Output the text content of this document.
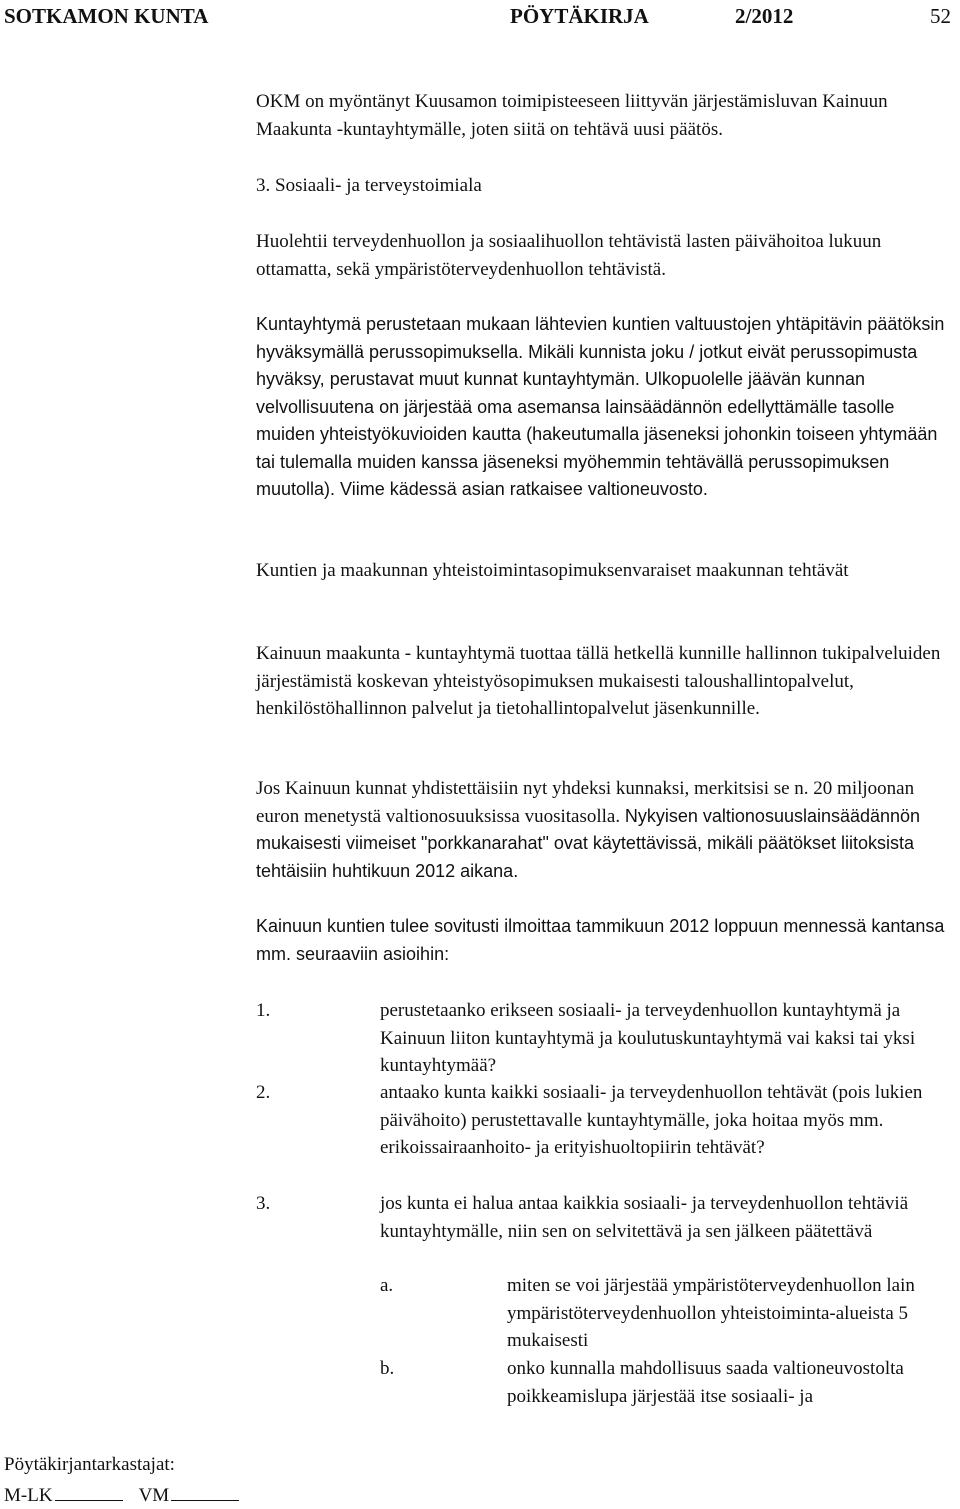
SOTKAMON KUNTA	PÖYTÄKIRJA	2/2012	52

OKM on myöntänyt Kuusamon toimipisteeseen liittyvän järjestämisluvan Kainuun Maakunta -kuntayhtymälle, joten siitä on tehtävä uusi päätös.

3. Sosiaali- ja terveystoimiala

Huolehtii terveydenhuollon ja sosiaalihuollon tehtävistä lasten päivähoitoa lukuun ottamatta, sekä ympäristöterveydenhuollon tehtävistä.

Kuntayhtymä perustetaan mukaan lähtevien kuntien valtuustojen yhtäpitävin päätöksin hyväksymällä perussopimuksella. Mikäli kunnista joku / jotkut eivät perussopimusta hyväksy, perustavat muut kunnat kuntayhtymän. Ulkopuolelle jäävän kunnan velvollisuutena on järjestää oma asemansa lainsäädännön edellyttämälle tasolle muiden yhteistyökuvioiden kautta (hakeutumalla jäseneksi johonkin toiseen yhtymään tai tulemalla muiden kanssa jäseneksi myöhemmin tehtävällä perussopimuksen muutolla). Viime kädessä asian ratkaisee valtioneuvosto.

Kuntien ja maakunnan yhteistoimintasopimuksenvaraiset maakunnan tehtävät

Kainuun maakunta - kuntayhtymä tuottaa tällä hetkellä kunnille hallinnon tukipalveluiden järjestämistä koskevan yhteistyösopimuksen mukaisesti taloushallintopalvelut, henkilöstöhallinnon palvelut ja tietohallintopalvelut jäsenkunnille.

Jos Kainuun kunnat yhdistettäisiin nyt yhdeksi kunnaksi, merkitsisi se n. 20 miljoonan euron menetystä valtionosuuksissa vuositasolla. Nykyisen valtionosuuslainsäädännön mukaisesti viimeiset "porkkanarahat" ovat käytettävissä, mikäli päätökset liitoksista tehtäisiin huhtikuun 2012 aikana.

Kainuun kuntien tulee sovitusti ilmoittaa tammikuun 2012 loppuun mennessä kantansa mm. seuraaviin asioihin:

1.	perustetaanko erikseen sosiaali- ja terveydenhuollon kuntayhtymä ja Kainuun liiton kuntayhtymä ja koulutuskuntayhtymä vai kaksi tai yksi kuntayhtymää?
2.	antaako kunta kaikki sosiaali- ja terveydenhuollon tehtävät (pois lukien päivähoito) perustettavalle kuntayhtymälle, joka hoitaa myös mm. erikoissairaanhoito- ja erityishuoltopiirin tehtävät?
3.	jos kunta ei halua antaa kaikkia sosiaali- ja terveydenhuollon tehtäviä kuntayhtymälle, niin sen on selvitettävä ja sen jälkeen päätettävä
a.	miten se voi järjestää ympäristöterveydenhuollon lain ympäristöterveydenhuollon yhteistoiminta-alueista 5 mukaisesti
b.	onko kunnalla mahdollisuus saada valtioneuvostolta poikkeamislupa järjestää itse sosiaali- ja
Pöytäkirjantarkastajat:
M-LK	VM
